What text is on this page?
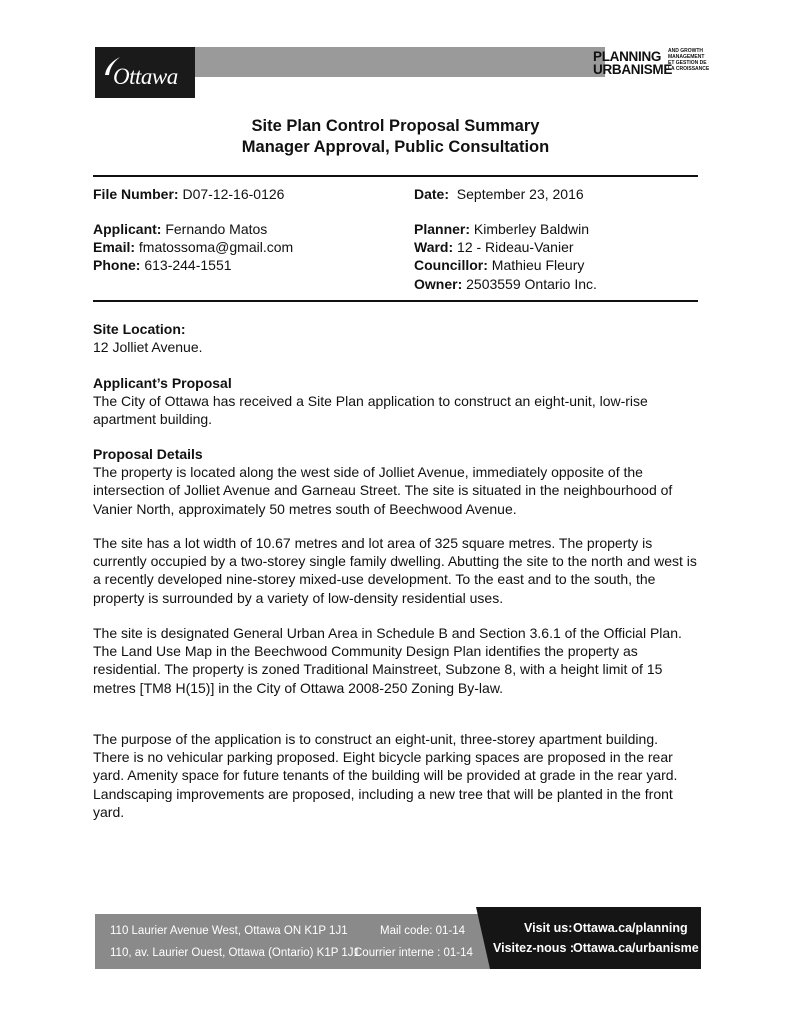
Ottawa
PLANNING
URBANISME
AND GROWTH
MANAGEMENT
ET GESTION DE
LA CROISSANCE
Site Plan Control Proposal Summary
Manager Approval, Public Consultation
File Number: D07-12-16-0126
Applicant: Fernando Matos
Email: fmatossoma@gmail.com
Phone: 613-244-1551
Date: September 23, 2016
Planner: Kimberley Baldwin
Ward: 12 - Rideau-Vanier
Councillor: Mathieu Fleury
Owner: 2503559 Ontario Inc.
Site Location:
12 Jolliet Avenue.
Applicant’s Proposal
The City of Ottawa has received a Site Plan application to construct an eight-unit, low-rise apartment building.
Proposal Details
The property is located along the west side of Jolliet Avenue, immediately opposite of the intersection of Jolliet Avenue and Garneau Street. The site is situated in the neighbourhood of Vanier North, approximately 50 metres south of Beechwood Avenue.
The site has a lot width of 10.67 metres and lot area of 325 square metres. The property is currently occupied by a two-storey single family dwelling. Abutting the site to the north and west is a recently developed nine-storey mixed-use development. To the east and to the south, the property is surrounded by a variety of low-density residential uses.
The site is designated General Urban Area in Schedule B and Section 3.6.1 of the Official Plan. The Land Use Map in the Beechwood Community Design Plan identifies the property as residential. The property is zoned Traditional Mainstreet, Subzone 8, with a height limit of 15 metres [TM8 H(15)] in the City of Ottawa 2008-250 Zoning By-law.
The purpose of the application is to construct an eight-unit, three-storey apartment building. There is no vehicular parking proposed. Eight bicycle parking spaces are proposed in the rear yard. Amenity space for future tenants of the building will be provided at grade in the rear yard. Landscaping improvements are proposed, including a new tree that will be planted in the front yard.
110 Laurier Avenue West, Ottawa ON K1P 1J1	Mail code: 01-14
110, av. Laurier Ouest, Ottawa (Ontario) K1P 1J1
Courrier interne : 01-14
Visit us: Ottawa.ca/planning
Visitez-nous :
Ottawa.ca/urbanisme
